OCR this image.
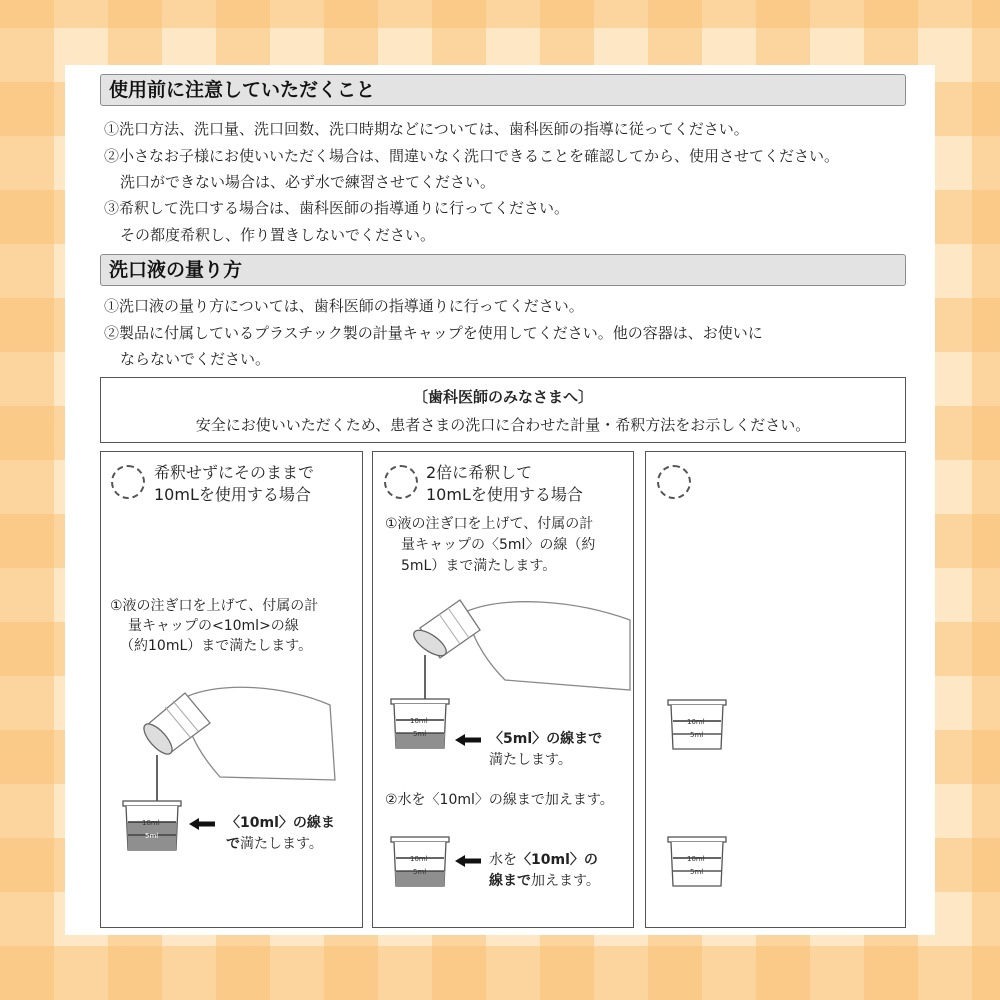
使用前に注意していただくこと
①洗口方法、洗口量、洗口回数、洗口時期などについては、歯科医師の指導に従ってください。
②小さなお子様にお使いいただく場合は、間違いなく洗口できることを確認してから、使用させてください。
洗口ができない場合は、必ず水で練習させてください。
③希釈して洗口する場合は、歯科医師の指導通りに行ってください。
その都度希釈し、作り置きしないでください。
洗口液の量り方
①洗口液の量り方については、歯科医師の指導通りに行ってください。
②製品に付属しているプラスチック製の計量キャップを使用してください。他の容器は、お使いに
ならないでください。
〔歯科医師のみなさまへ〕
安全にお使いいただくため、患者さまの洗口に合わせた計量・希釈方法をお示しください。
希釈せずにそのままで
10mLを使用する場合
①液の注ぎ口を上げて、付属の計
量キャップの<10ml>の線
（約10mL）まで満たします。
10ml
5ml
〈10ml〉の線ま
で満たします。
2倍に希釈して
10mLを使用する場合
①液の注ぎ口を上げて、付属の計
量キャップの〈5ml〉の線（約
5mL）まで満たします。
10ml
5ml	〈5ml〉の線まで
満たします。
②水を〈10ml〉の線まで加えます。
10ml
5ml
水を〈10ml〉の
線まで加えます。
10ml
5ml
10ml
5ml
